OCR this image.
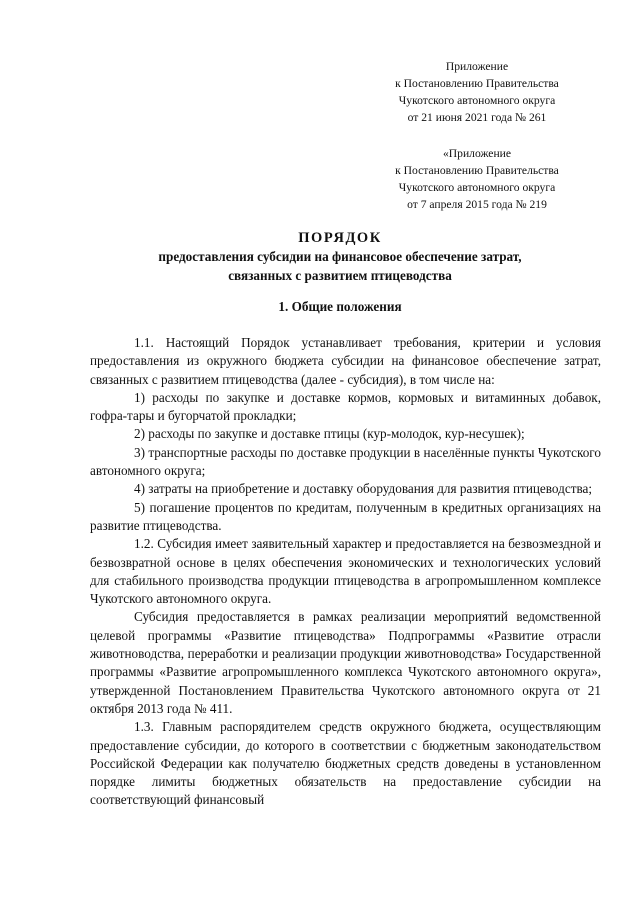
Приложение
к Постановлению Правительства
Чукотского автономного округа
от 21 июня 2021 года № 261
«Приложение
к Постановлению Правительства
Чукотского автономного округа
от 7 апреля 2015 года № 219
ПОРЯДОК
предоставления субсидии на финансовое обеспечение затрат,
связанных с развитием птицеводства
1. Общие положения

1.1. Настоящий Порядок устанавливает требования, критерии и условия предоставления из окружного бюджета субсидии на финансовое обеспечение затрат, связанных с развитием птицеводства (далее - субсидия), в том числе на:

1) расходы по закупке и доставке кормов, кормовых и витаминных добавок, гофра-тары и бугорчатой прокладки;

2) расходы по закупке и доставке птицы (кур-молодок, кур-несушек);

3) транспортные расходы по доставке продукции в населённые пункты Чукотского автономного округа;

4) затраты на приобретение и доставку оборудования для развития птицеводства;

5) погашение процентов по кредитам, полученным в кредитных организациях на развитие птицеводства.

1.2. Субсидия имеет заявительный характер и предоставляется на безвозмездной и безвозвратной основе в целях обеспечения экономических и технологических условий для стабильного производства продукции птицеводства в агропромышленном комплексе Чукотского автономного округа.

Субсидия предоставляется в рамках реализации мероприятий ведомственной целевой программы «Развитие птицеводства» Подпрограммы «Развитие отрасли животноводства, переработки и реализации продукции животноводства» Государственной программы «Развитие агропромышленного комплекса Чукотского автономного округа», утвержденной Постановлением Правительства Чукотского автономного округа от 21 октября 2013 года № 411.

1.3. Главным распорядителем средств окружного бюджета, осуществляющим предоставление субсидии, до которого в соответствии с бюджетным законодательством Российской Федерации как получателю бюджетных средств доведены в установленном порядке лимиты бюджетных обязательств на предоставление субсидии на соответствующий финансовый
